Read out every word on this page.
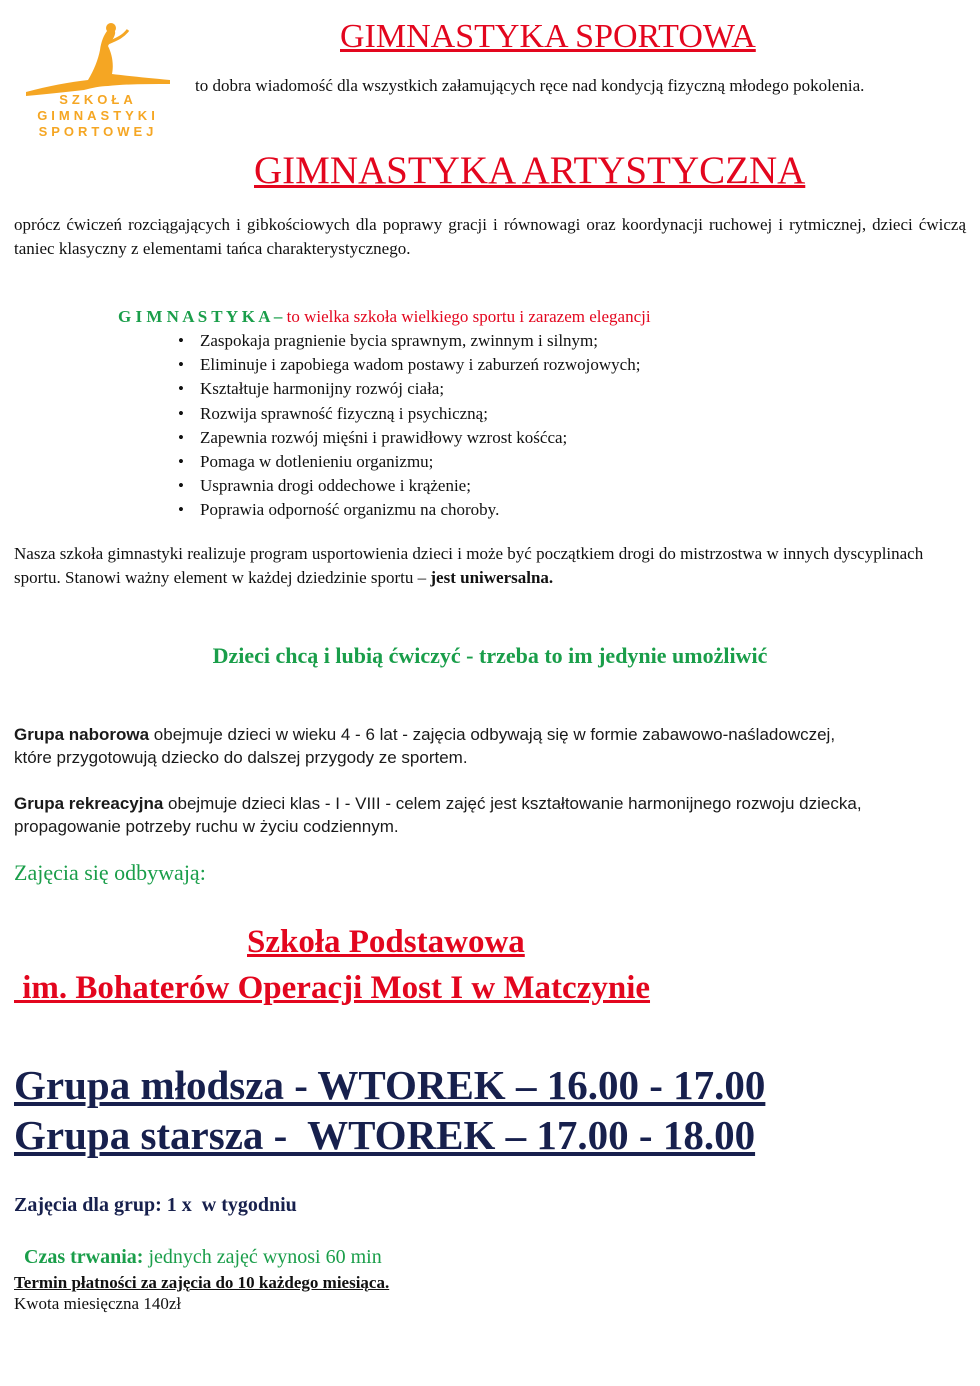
SZKOŁA
GIMNASTYKI
SPORTOWEJ
GIMNASTYKA SPORTOWA
to dobra wiadomość dla wszystkich załamujących ręce nad kondycją fizyczną młodego pokolenia.
GIMNASTYKA ARTYSTYCZNA
oprócz ćwiczeń rozciągających i gibkościowych dla poprawy gracji i równowagi oraz koordynacji ruchowej i rytmicznej, dzieci ćwiczą taniec klasyczny z elementami tańca charakterystycznego.
G I M N A S T Y K A – to wielka szkoła wielkiego sportu i zarazem elegancji
• Zaspokaja pragnienie bycia sprawnym, zwinnym i silnym;
• Eliminuje i zapobiega wadom postawy i zaburzeń rozwojowych;
• Kształtuje harmonijny rozwój ciała;
• Rozwija sprawność fizyczną i psychiczną;
• Zapewnia rozwój mięśni i prawidłowy wzrost kośćca;
• Pomaga w dotlenieniu organizmu;
• Usprawnia drogi oddechowe i krążenie;
• Poprawia odporność organizmu na choroby.
Nasza szkoła gimnastyki realizuje program usportowienia dzieci i może być początkiem drogi do mistrzostwa w innych dyscyplinach sportu. Stanowi ważny element w każdej dziedzinie sportu – jest uniwersalna.
Dzieci chcą i lubią ćwiczyć - trzeba to im jedynie umożliwić
Grupa naborowa obejmuje dzieci w wieku 4 - 6 lat - zajęcia odbywają się w formie zabawowo-naśladowczej, które przygotowują dziecko do dalszej przygody ze sportem.
Grupa rekreacyjna obejmuje dzieci klas - I - VIII - celem zajęć jest kształtowanie harmonijnego rozwoju dziecka, propagowanie potrzeby ruchu w życiu codziennym.
Zajęcia się odbywają:
Szkoła Podstawowa
im. Bohaterów Operacji Most I w Matczynie
Grupa młodsza - WTOREK – 16.00 - 17.00
Grupa starsza -  WTOREK – 17.00 - 18.00
Zajęcia dla grup: 1 x  w tygodniu

Czas trwania: jednych zajęć wynosi 60 min

Termin płatności za zajęcia do 10 każdego miesiąca.
Kwota miesięczna 140zł
